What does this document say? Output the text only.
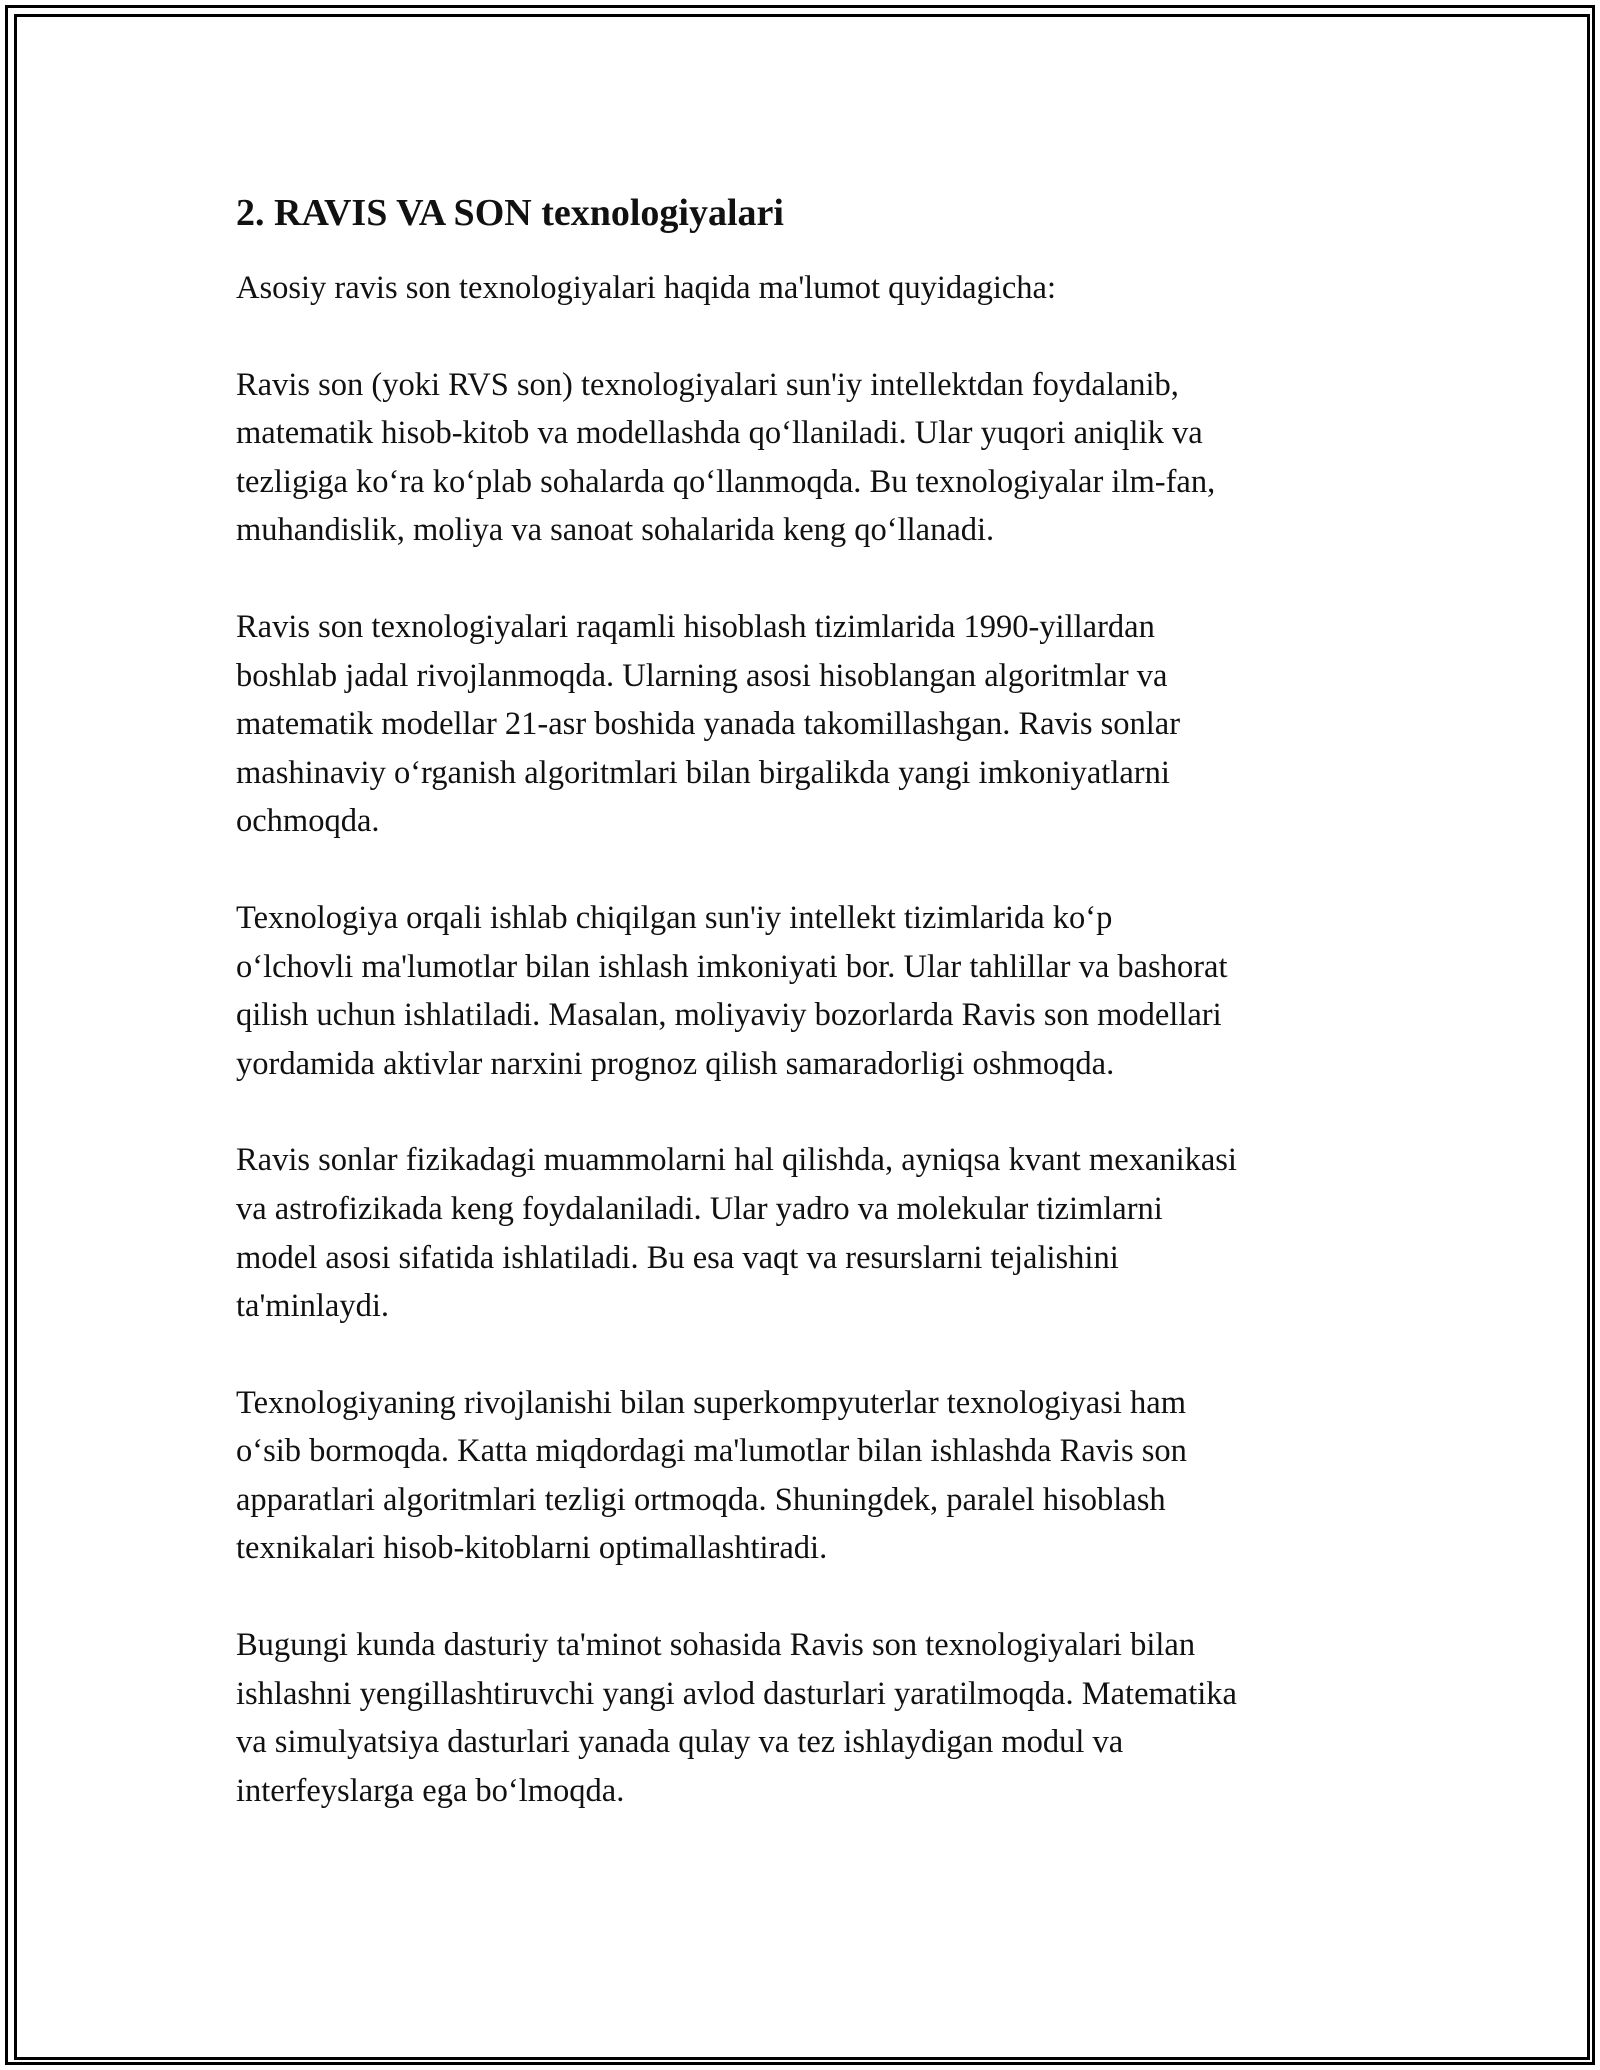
2. RAVIS VA SON texnologiyalari

Asosiy ravis son texnologiyalari haqida ma'lumot quyidagicha:

Ravis son (yoki RVS son) texnologiyalari sun'iy intellektdan foydalanib,
matematik hisob-kitob va modellashda qo‘llaniladi. Ular yuqori aniqlik va
tezligiga ko‘ra ko‘plab sohalarda qo‘llanmoqda. Bu texnologiyalar ilm-fan,
muhandislik, moliya va sanoat sohalarida keng qo‘llanadi.

Ravis son texnologiyalari raqamli hisoblash tizimlarida 1990-yillardan
boshlab jadal rivojlanmoqda. Ularning asosi hisoblangan algoritmlar va
matematik modellar 21-asr boshida yanada takomillashgan. Ravis sonlar
mashinaviy o‘rganish algoritmlari bilan birgalikda yangi imkoniyatlarni
ochmoqda.

Texnologiya orqali ishlab chiqilgan sun'iy intellekt tizimlarida ko‘p
o‘lchovli ma'lumotlar bilan ishlash imkoniyati bor. Ular tahlillar va bashorat
qilish uchun ishlatiladi. Masalan, moliyaviy bozorlarda Ravis son modellari
yordamida aktivlar narxini prognoz qilish samaradorligi oshmoqda.

Ravis sonlar fizikadagi muammolarni hal qilishda, ayniqsa kvant mexanikasi
va astrofizikada keng foydalaniladi. Ular yadro va molekular tizimlarni
model asosi sifatida ishlatiladi. Bu esa vaqt va resurslarni tejalishini
ta'minlaydi.

Texnologiyaning rivojlanishi bilan superkompyuterlar texnologiyasi ham
o‘sib bormoqda. Katta miqdordagi ma'lumotlar bilan ishlashda Ravis son
apparatlari algoritmlari tezligi ortmoqda. Shuningdek, paralel hisoblash
texnikalari hisob-kitoblarni optimallashtiradi.

Bugungi kunda dasturiy ta'minot sohasida Ravis son texnologiyalari bilan
ishlashni yengillashtiruvchi yangi avlod dasturlari yaratilmoqda. Matematika
va simulyatsiya dasturlari yanada qulay va tez ishlaydigan modul va
interfeyslarga ega bo‘lmoqda.
